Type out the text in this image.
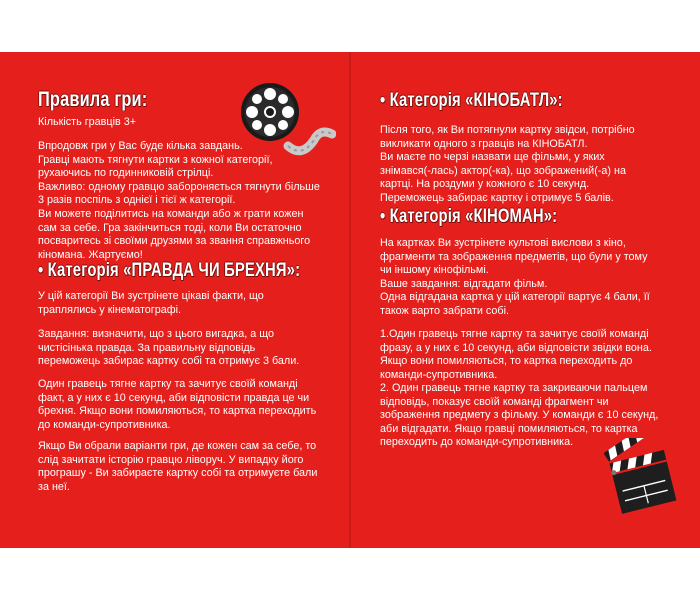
Правила гри:

Кількість гравців 3+

Впродовж гри у Вас буде кілька завдань.
Гравці мають тягнути картки з кожної категорії, рухаючись по годинниковій стрілці.
Важливо: одному гравцю забороняється тягнути більше 3 разів поспіль з однієї і тієї ж категорії.
Ви можете поділитись на команди або ж грати кожен сам за себе. Гра закінчиться тоді, коли Ви остаточно посваритесь зі своїми друзями за звання справжнього кіномана. Жартуємо!

• Категорія «ПРАВДА ЧИ БРЕХНЯ»:

У цій категорії Ви зустрінете цікаві факти, що траплялись у кінематографі.

Завдання: визначити, що з цього вигадка, а що чистісінька правда. За правильну відповідь переможець забирає картку собі та отримує 3 бали.

Один гравець тягне картку та зачитує своїй команді факт, а у них є 10 секунд, аби відповісти правда це чи брехня. Якщо вони помиляються, то картка переходить до команди-супротивника.

Якщо Ви обрали варіанти гри, де кожен сам за себе, то слід зачитати історію гравцю ліворуч. У випадку його програшу - Ви забираєте картку собі та отримуєте бали за неї.

• Категорія «КІНОБАТЛ»:

Після того, як Ви потягнули картку звідси, потрібно викликати одного з гравців на КІНОБАТЛ.
Ви маєте по черзі назвати ще фільми, у яких знімався(-лась) актор(-ка), що зображений(-а) на картці. На роздуми у кожного є 10 секунд.
Переможець забирає картку і отримує 5 балів.

• Категорія «КІНОМАН»:

На картках Ви зустрінете культові вислови з кіно, фрагменти та зображення предметів, що були у тому чи іншому кінофільмі.
Ваше завдання: відгадати фільм.
Одна відгадана картка у цій категорії вартує 4 бали, її також варто забрати собі.

1.Один гравець тягне картку та зачитує своїй команді фразу, а у них є 10 секунд, аби відповісти звідки вона. Якщо вони помиляються, то картка переходить до команди-супротивника.

2. Один гравець тягне картку та закриваючи пальцем відповідь, показує своїй команді фрагмент чи зображення предмету з фільму. У команди є 10 секунд, аби відгадати. Якщо гравці помиляються, то картка переходить до команди-супротивника.
